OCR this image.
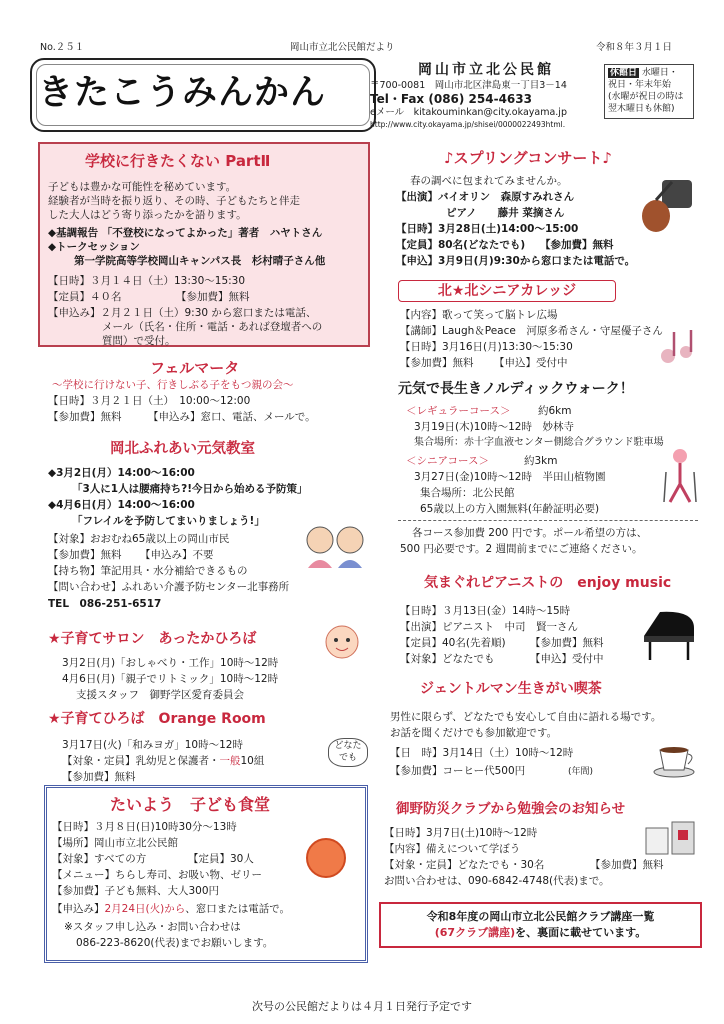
No.２５１	岡山市立北公民館だより	令和８年３月１日
きたこうみんかん
岡山市立北公民館
〒700-0081　岡山市北区津島東一丁目3－14
Tel・Fax (086) 254-4633
eメール　kitakouminkan@city.okayama.jp
http://www.city.okayama.jp/shisei/0000022493html.
休館日 水曜日・
祝日・年末年始
(水曜が祝日の時は
翌木曜日も休館)
学校に行きたくない PartⅡ
子どもは豊かな可能性を秘めています。
経験者が当時を振り返り、その時、子どもたちと伴走
した大人はどう寄り添ったかを語ります。
◆基調報告 「不登校になってよかった」著者　ハヤトさん
◆トークセッション
第一学院高等学校岡山キャンパス長　杉村晴子さん他
【日時】３月１４日（土）13:30～15:30
【定員】４０名	【参加費】無料
【申込み】２月２１日（土）9:30 から窓口または電話、
メール（氏名・住所・電話・あれば登壇者への
質問）で受付。
フェルマータ
～学校に行けない子、行きしぶる子をもつ親の会～
【日時】３月２１日（土）　10:00～12:00
【参加費】無料	【申込み】窓口、電話、メールで。
岡北ふれあい元気教室
◆3月2日(月）14:00～16:00
「3人に1人は腰痛持ち?!今日から始める予防策」
◆4月6日(月）14:00～16:00
「フレイルを予防してまいりましょう!」
【対象】おおむね65歳以上の岡山市民
【参加費】無料 【申込み】不要
【持ち物】筆記用具・水分補給できるもの
【問い合わせ】ふれあい介護予防センター北事務所
TEL　086-251-6517
★子育てサロン　あったかひろば
3月2日(月)「おしゃべり・工作」10時～12時
4月6日(月)「親子でリトミック」10時～12時
支援スタッフ　御野学区愛育委員会
★子育てひろば　Orange Room
3月17日(火)「和みヨガ」10時～12時
【対象・定員】乳幼児と保護者・一般10組
【参加費】無料
どなたでも
たいよう　子ども食堂
【日時】３月８日(日)10時30分～13時
【場所】岡山市立北公民館
【対象】すべての方	【定員】30人
【メニュー】ちらし寿司、お吸い物、ゼリー
【参加費】子ども無料、大人300円
【申込み】2月24日(火)から、窓口または電話で。
※スタッフ申し込み・お問い合わせは
086-223-8620(代表)までお願いします。
♪スプリングコンサート♪
春の調べに包まれてみませんか。
【出演】バイオリン　森原すみれさん
ピアノ　　藤井 菜摘さん
【日時】3月28日(土)14:00～15:00
【定員】80名(どなたでも) 【参加費】無料
【申込】3月9日(月)9:30から窓口または電話で。
北★北シニアカレッジ
【内容】歌って笑って脳トレ広場
【講師】Laugh＆Peace　河原多希さん・守屋優子さん
【日時】3月16日(月)13:30～15:30
【参加費】無料 【申込】受付中
元気で長生きノルディックウォーク！
＜レギュラーコース＞	約6km
3月19日(木)10時～12時　妙林寺
集合場所：赤十字血液センター側総合グラウンド駐車場
＜シニアコース＞	約3km
3月27日(金)10時～12時　半田山植物園
集合場所：北公民館
65歳以上の方入園無料(年齢証明必要)
各コース参加費 200 円です。ポール希望の方は、
500 円必要です。2 週間前までにご連絡ください。
気まぐれピアニストの　enjoy music
【日時】３月13日(金）14時～15時
【出演】ピアニスト　中司　賢一さん
【定員】40名(先着順) 【参加費】無料
【対象】どなたでも	【申込】受付中
ジェントルマン生きがい喫茶
男性に限らず、どなたでも安心して自由に語れる場です。
お話を聞くだけでも参加歓迎です。
【日　時】3月14日（土）10時～12時
【参加費】コーヒー代500円	(年間)
御野防災クラブから勉強会のお知らせ
【日時】3月7日(土)10時～12時
【内容】備えについて学ぼう
【対象・定員】どなたでも・30名	【参加費】無料
お問い合わせは、090-6842-4748(代表)まで。
令和8年度の岡山市立北公民館クラブ講座一覧
(67クラブ講座)を、裏面に載せています。
次号の公民館だよりは４月１日発行予定です
